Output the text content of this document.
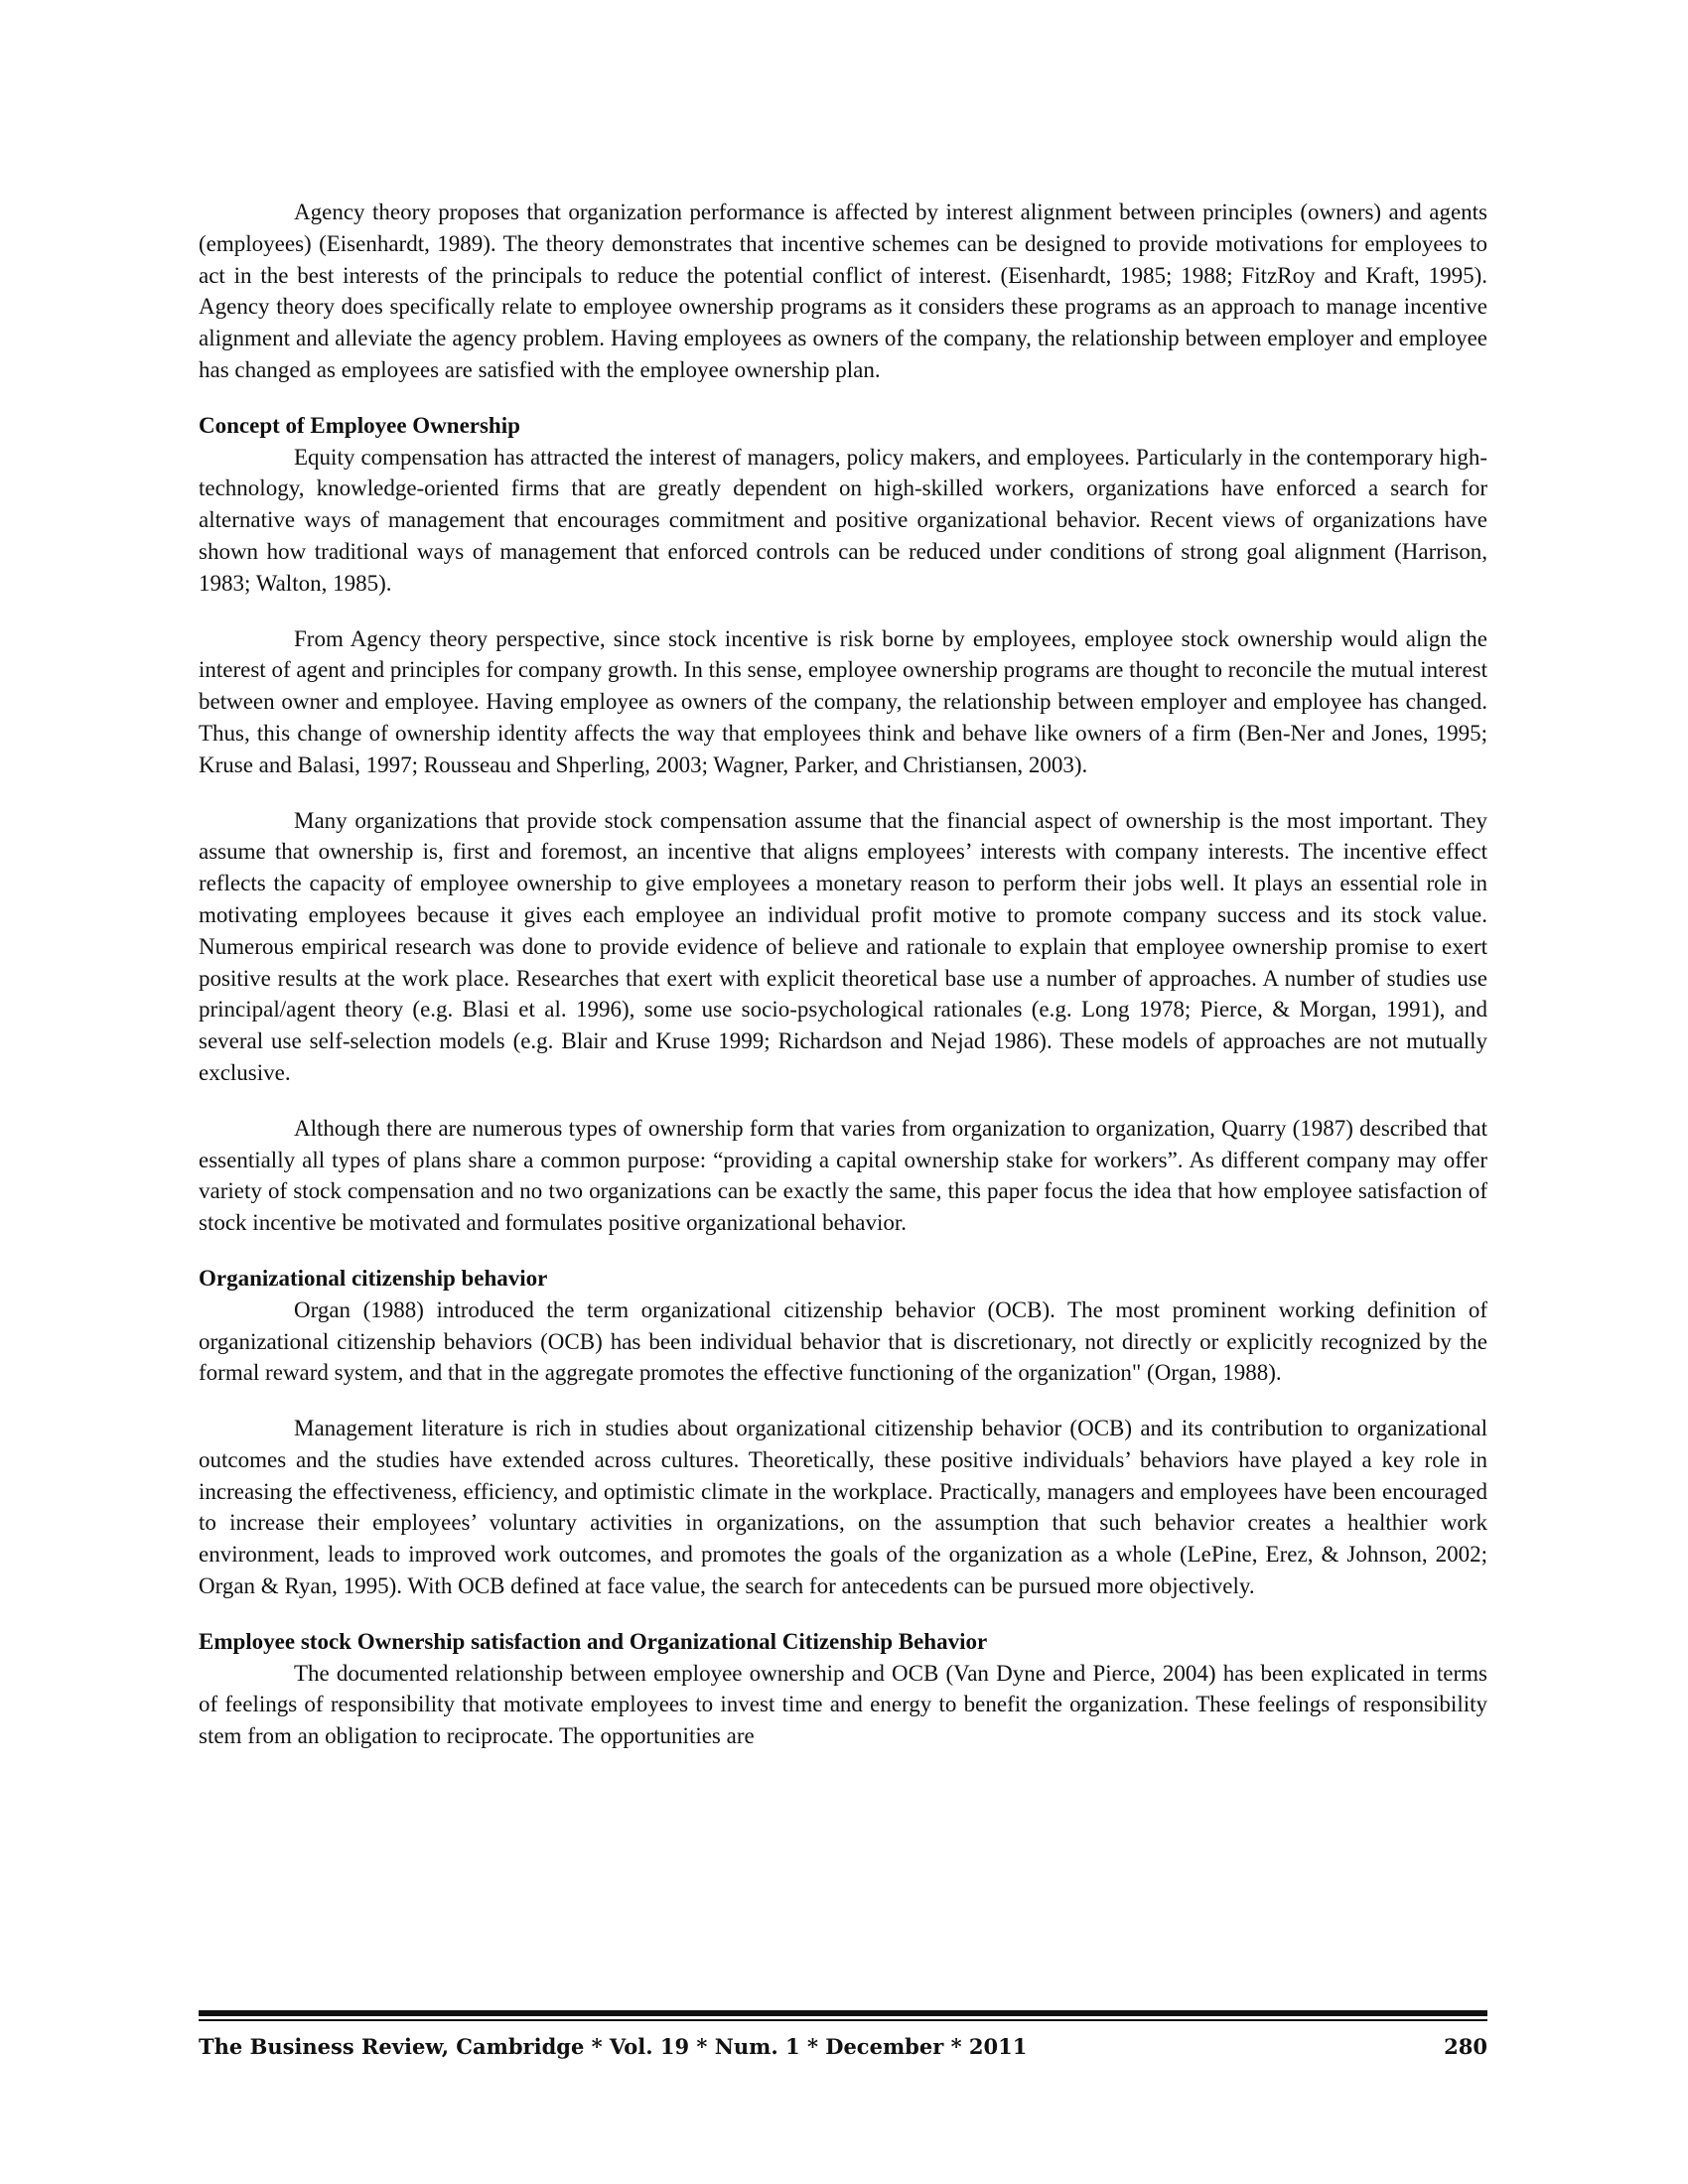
Agency theory proposes that organization performance is affected by interest alignment between principles (owners) and agents (employees) (Eisenhardt, 1989). The theory demonstrates that incentive schemes can be designed to provide motivations for employees to act in the best interests of the principals to reduce the potential conflict of interest. (Eisenhardt, 1985; 1988; FitzRoy and Kraft, 1995). Agency theory does specifically relate to employee ownership programs as it considers these programs as an approach to manage incentive alignment and alleviate the agency problem. Having employees as owners of the company, the relationship between employer and employee has changed as employees are satisfied with the employee ownership plan.

Concept of Employee Ownership

Equity compensation has attracted the interest of managers, policy makers, and employees. Particularly in the contemporary high-technology, knowledge-oriented firms that are greatly dependent on high-skilled workers, organizations have enforced a search for alternative ways of management that encourages commitment and positive organizational behavior. Recent views of organizations have shown how traditional ways of management that enforced controls can be reduced under conditions of strong goal alignment (Harrison, 1983; Walton, 1985).

From Agency theory perspective, since stock incentive is risk borne by employees, employee stock ownership would align the interest of agent and principles for company growth. In this sense, employee ownership programs are thought to reconcile the mutual interest between owner and employee. Having employee as owners of the company, the relationship between employer and employee has changed. Thus, this change of ownership identity affects the way that employees think and behave like owners of a firm (Ben-Ner and Jones, 1995; Kruse and Balasi, 1997; Rousseau and Shperling, 2003; Wagner, Parker, and Christiansen, 2003).

Many organizations that provide stock compensation assume that the financial aspect of ownership is the most important. They assume that ownership is, first and foremost, an incentive that aligns employees’ interests with company interests. The incentive effect reflects the capacity of employee ownership to give employees a monetary reason to perform their jobs well. It plays an essential role in motivating employees because it gives each employee an individual profit motive to promote company success and its stock value. Numerous empirical research was done to provide evidence of believe and rationale to explain that employee ownership promise to exert positive results at the work place. Researches that exert with explicit theoretical base use a number of approaches. A number of studies use principal/agent theory (e.g. Blasi et al. 1996), some use socio-psychological rationales (e.g. Long 1978; Pierce, & Morgan, 1991), and several use self-selection models (e.g. Blair and Kruse 1999; Richardson and Nejad 1986). These models of approaches are not mutually exclusive.

Although there are numerous types of ownership form that varies from organization to organization, Quarry (1987) described that essentially all types of plans share a common purpose: “providing a capital ownership stake for workers”. As different company may offer variety of stock compensation and no two organizations can be exactly the same, this paper focus the idea that how employee satisfaction of stock incentive be motivated and formulates positive organizational behavior.

Organizational citizenship behavior

Organ (1988) introduced the term organizational citizenship behavior (OCB). The most prominent working definition of organizational citizenship behaviors (OCB) has been individual behavior that is discretionary, not directly or explicitly recognized by the formal reward system, and that in the aggregate promotes the effective functioning of the organization" (Organ, 1988).

Management literature is rich in studies about organizational citizenship behavior (OCB) and its contribution to organizational outcomes and the studies have extended across cultures. Theoretically, these positive individuals’ behaviors have played a key role in increasing the effectiveness, efficiency, and optimistic climate in the workplace. Practically, managers and employees have been encouraged to increase their employees’ voluntary activities in organizations, on the assumption that such behavior creates a healthier work environment, leads to improved work outcomes, and promotes the goals of the organization as a whole (LePine, Erez, & Johnson, 2002; Organ & Ryan, 1995). With OCB defined at face value, the search for antecedents can be pursued more objectively.

Employee stock Ownership satisfaction and Organizational Citizenship Behavior

The documented relationship between employee ownership and OCB (Van Dyne and Pierce, 2004) has been explicated in terms of feelings of responsibility that motivate employees to invest time and energy to benefit the organization. These feelings of responsibility stem from an obligation to reciprocate. The opportunities are

The Business Review, Cambridge * Vol. 19 * Num. 1 * December * 2011	280
